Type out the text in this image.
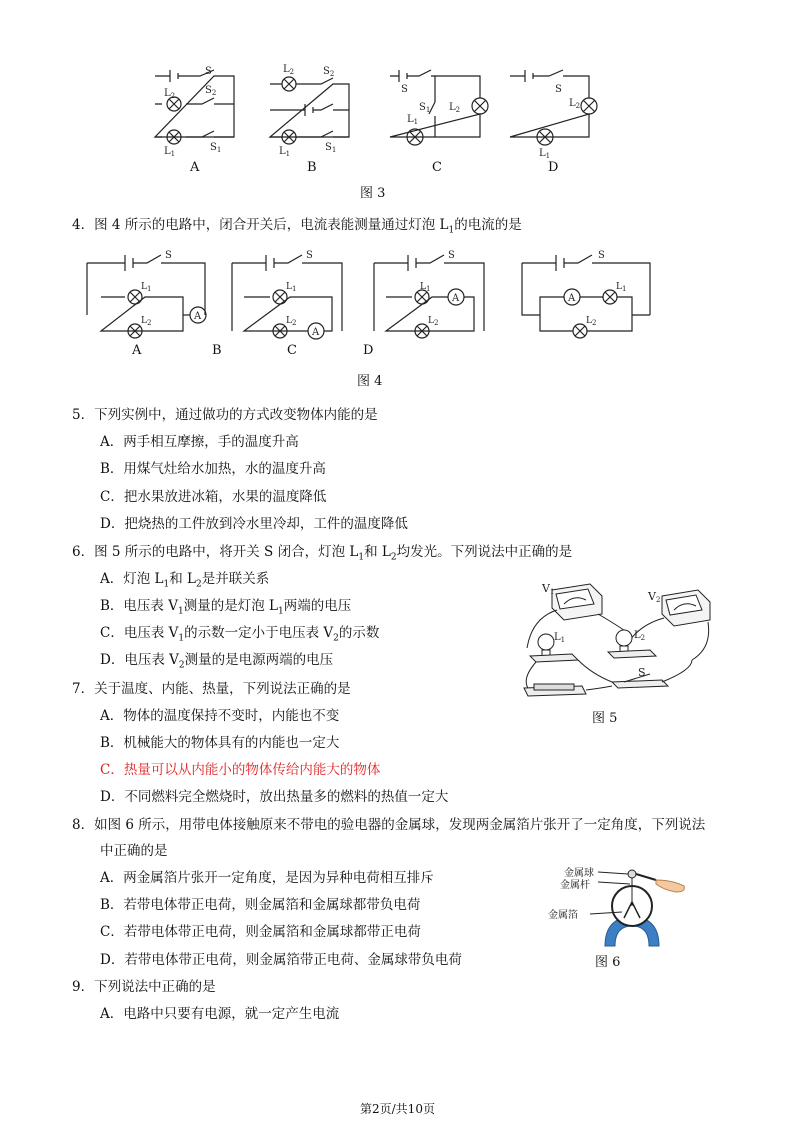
S
$S_2$
$S_1$
$L_2$
$L_1$
$L_2$	$S_2$
$S_1$
$L_1$
S
$S_1$ $L_2$
$L_1$
S
$L_2$
$L_1$
A	B	C	D
图 3
4．图 4 所示的电路中，闭合开关后，电流表能测量通过灯泡 $L_1$的电流的是
A
S
$L_1$
$L_2$
A
S
$L_1$
$L_2$
A
S
$L_1$
$L_2$
A
S
$L_1$
$L_2$
A	B	C	D
图 4
5．下列实例中，通过做功的方式改变物体内能的是
A．两手相互摩擦，手的温度升高
B．用煤气灶给水加热，水的温度升高
C．把水果放进冰箱，水果的温度降低
D．把烧热的工件放到冷水里冷却，工件的温度降低
6．图 5 所示的电路中，将开关 S 闭合，灯泡 $L_1$和 $L_2$均发光。下列说法中正确的是
A．灯泡 $L_1$和 $L_2$是并联关系
B．电压表 $V_1$测量的是灯泡 $L_1$两端的电压
C．电压表 $V_1$的示数一定小于电压表 $V_2$的示数
D．电压表 $V_2$测量的是电源两端的电压
V1	V2
$L_1$	$L_2$
S
图 5
7．关于温度、内能、热量，下列说法正确的是
A．物体的温度保持不变时，内能也不变
B．机械能大的物体具有的内能也一定大
C．热量可以从内能小的物体传给内能大的物体
D．不同燃料完全燃烧时，放出热量多的燃料的热值一定大
8．如图 6 所示，用带电体接触原来不带电的验电器的金属球，发现两金属箔片张开了一定角度，下列说法
中正确的是
A．两金属箔片张开一定角度，是因为异种电荷相互排斥
B．若带电体带正电荷，则金属箔和金属球都带负电荷
C．若带电体带正电荷，则金属箔和金属球都带正电荷
D．若带电体带正电荷，则金属箔带正电荷、金属球带负电荷
金属球
金属杆
金属箔
图 6
9．下列说法中正确的是
A．电路中只要有电源，就一定产生电流
第2页/共10页
